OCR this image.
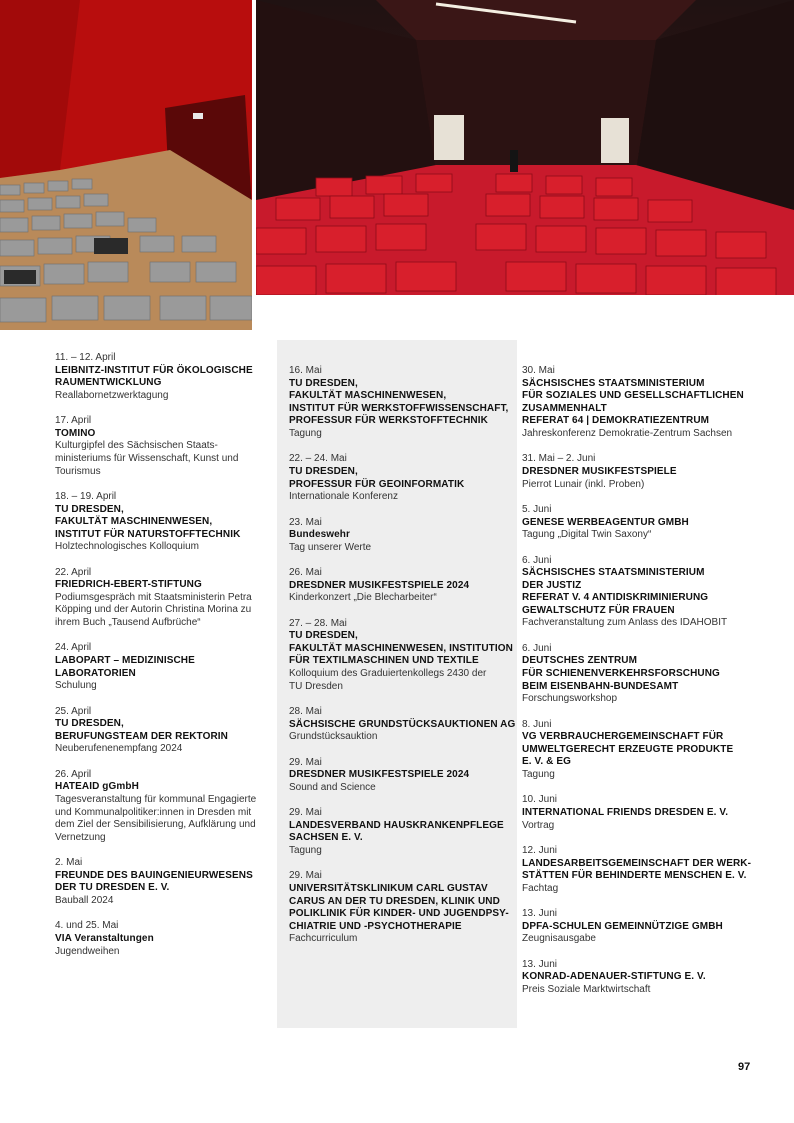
11. – 12. April
LEIBNITZ-INSTITUT FÜR ÖKOLOGISCHE
RAUMENTWICKLUNG
Reallabornetzwerktagung
17. April
TOMINO
Kulturgipfel des Sächsischen Staats-
ministeriums für Wissenschaft, Kunst und
Tourismus
18. – 19. April
TU DRESDEN,
FAKULTÄT MASCHINENWESEN,
INSTITUT FÜR NATURSTOFFTECHNIK
Holztechnologisches Kolloquium
22. April
FRIEDRICH-EBERT-STIFTUNG
Podiumsgespräch mit Staatsministerin Petra
Köpping und der Autorin Christina Morina zu
ihrem Buch „Tausend Aufbrüche“
24. April
LABOPART – MEDIZINISCHE LABORATORIEN
Schulung
25. April
TU DRESDEN,
BERUFUNGSTEAM DER REKTORIN
Neuberufenenempfang 2024
26. April
HATEAID gGmbH
Tagesveranstaltung für kommunal Engagierte
und Kommunalpolitiker:innen in Dresden mit
dem Ziel der Sensibilisierung, Aufklärung und
Vernetzung
2. Mai
FREUNDE DES BAUINGENIEURWESENS
DER TU DRESDEN E. V.
Bauball 2024
4. und 25. Mai
VIA Veranstaltungen
Jugendweihen
16. Mai
TU DRESDEN,
FAKULTÄT MASCHINENWESEN,
INSTITUT FÜR WERKSTOFFWISSENSCHAFT,
PROFESSUR FÜR WERKSTOFFTECHNIK
Tagung
22. – 24. Mai
TU DRESDEN,
PROFESSUR FÜR GEOINFORMATIK
Internationale Konferenz
23. Mai
Bundeswehr
Tag unserer Werte
26. Mai
DRESDNER MUSIKFESTSPIELE 2024
Kinderkonzert „Die Blecharbeiter“
27. – 28. Mai
TU DRESDEN,
FAKULTÄT MASCHINENWESEN, INSTITUTION
FÜR TEXTILMASCHINEN UND TEXTILE
Kolloquium des Graduiertenkollegs 2430 der
TU Dresden
28. Mai
SÄCHSISCHE GRUNDSTÜCKSAUKTIONEN AG
Grundstücksauktion
29. Mai
DRESDNER MUSIKFESTSPIELE 2024
Sound and Science
29. Mai
LANDESVERBAND HAUSKRANKENPFLEGE
SACHSEN E. V.
Tagung
29. Mai
UNIVERSITÄTSKLINIKUM CARL GUSTAV
CARUS AN DER TU DRESDEN, KLINIK UND
POLIKLINIK FÜR KINDER- UND JUGENDPSY-
CHIATRIE UND -PSYCHOTHERAPIE
Fachcurriculum
30. Mai
SÄCHSISCHES STAATSMINISTERIUM
FÜR SOZIALES UND GESELLSCHAFTLICHEN
ZUSAMMENHALT
REFERAT 64 | DEMOKRATIEZENTRUM
Jahreskonferenz Demokratie-Zentrum Sachsen
31. Mai – 2. Juni
DRESDNER MUSIKFESTSPIELE
Pierrot Lunair (inkl. Proben)
5. Juni
GENESE WERBEAGENTUR GMBH
Tagung „Digital Twin Saxony“
6. Juni
SÄCHSISCHES STAATSMINISTERIUM
DER JUSTIZ
REFERAT V. 4 ANTIDISKRIMINIERUNG
GEWALTSCHUTZ FÜR FRAUEN
Fachveranstaltung zum Anlass des IDAHOBIT
6. Juni
DEUTSCHES ZENTRUM
FÜR SCHIENENVERKEHRSFORSCHUNG
BEIM EISENBAHN-BUNDESAMT
Forschungsworkshop
8. Juni
VG VERBRAUCHERGEMEINSCHAFT FÜR
UMWELTGERECHT ERZEUGTE PRODUKTE
E. V. & EG
Tagung
10. Juni
INTERNATIONAL FRIENDS DRESDEN E. V.
Vortrag
12. Juni
LANDESARBEITSGEMEINSCHAFT DER WERK-
STÄTTEN FÜR BEHINDERTE MENSCHEN E. V.
Fachtag
13. Juni
DPFA-SCHULEN GEMEINNÜTZIGE GMBH
Zeugnisausgabe
13. Juni
KONRAD-ADENAUER-STIFTUNG E. V.
Preis Soziale Marktwirtschaft
97
